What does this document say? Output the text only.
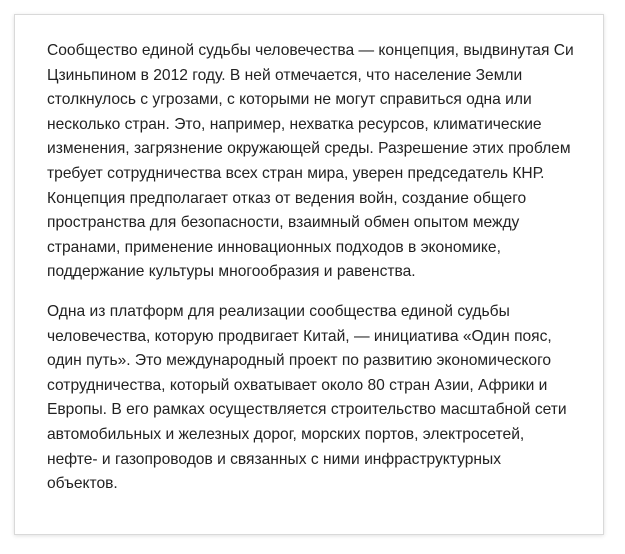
Сообщество единой судьбы человечества — концепция, выдвинутая Си Цзиньпином в 2012 году. В ней отмечается, что население Земли столкнулось с угрозами, с которыми не могут справиться одна или несколько стран. Это, например, нехватка ресурсов, климатические изменения, загрязнение окружающей среды. Разрешение этих проблем требует сотрудничества всех стран мира, уверен председатель КНР. Концепция предполагает отказ от ведения войн, создание общего пространства для безопасности, взаимный обмен опытом между странами, применение инновационных подходов в экономике, поддержание культуры многообразия и равенства.

Одна из платформ для реализации сообщества единой судьбы человечества, которую продвигает Китай, — инициатива «Один пояс, один путь». Это международный проект по развитию экономического сотрудничества, который охватывает около 80 стран Азии, Африки и Европы. В его рамках осуществляется строительство масштабной сети автомобильных и железных дорог, морских портов, электросетей, нефте- и газопроводов и связанных с ними инфраструктурных объектов.
